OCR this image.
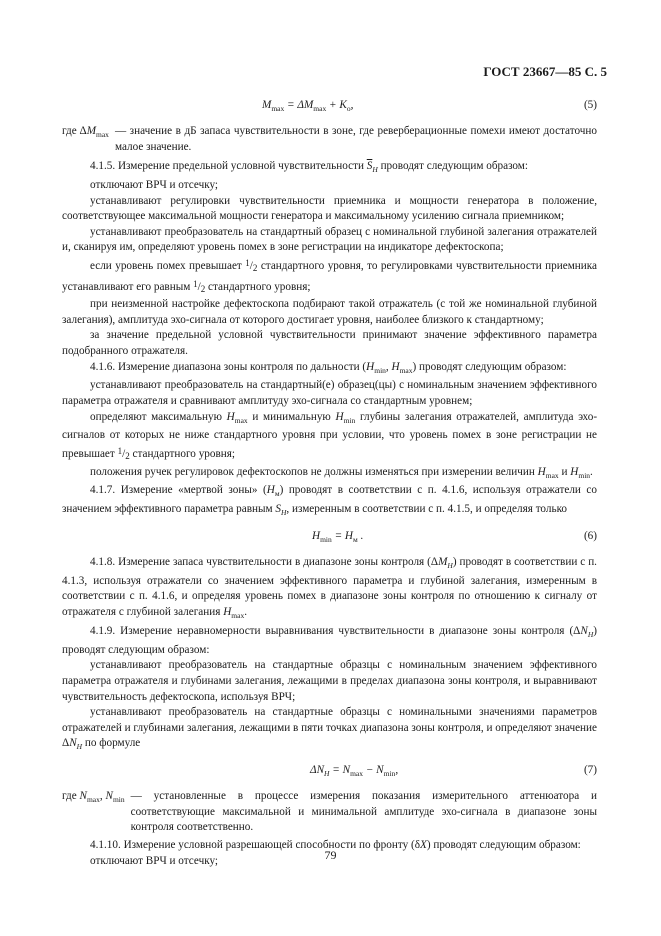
ГОСТ 23667—85 С. 5
$M_{max} = \Delta M_{max} + K_о$,	(5)
где $\Delta M_{max}$ — значение в дБ запаса чувствительности в зоне, где реверберационные помехи имеют достаточно малое значение.

4.1.5. Измерение предельной условной чувствительности $\overline{S}_H$ проводят следующим образом:

отключают ВРЧ и отсечку;

устанавливают регулировки чувствительности приемника и мощности генератора в положение, соответствующее максимальной мощности генератора и максимальному усилению сигнала приемником;

устанавливают преобразователь на стандартный образец с номинальной глубиной залегания отражателей и, сканируя им, определяют уровень помех в зоне регистрации на индикаторе дефектоскопа;

если уровень помех превышает $^1$/2 стандартного уровня, то регулировками чувствительности приемника устанавливают его равным $^1$/2 стандартного уровня;

при неизменной настройке дефектоскопа подбирают такой отражатель (с той же номинальной глубиной залегания), амплитуда эхо-сигнала от которого достигает уровня, наиболее близкого к стандартному;

за значение предельной условной чувствительности принимают значение эффективного параметра подобранного отражателя.

4.1.6. Измерение диапазона зоны контроля по дальности ($H_{min}$, $H_{max}$) проводят следующим образом:

устанавливают преобразователь на стандартный(е) образец(цы) с номинальным значением эффективного параметра отражателя и сравнивают амплитуду эхо-сигнала со стандартным уровнем;

определяют максимальную $H_{max}$ и минимальную $H_{min}$ глубины залегания отражателей, амплитуда эхо-сигналов от которых не ниже стандартного уровня при условии, что уровень помех в зоне регистрации не превышает $^1$/2 стандартного уровня;

положения ручек регулировок дефектоскопов не должны изменяться при измерении величин $H_{max}$ и $H_{min}$.

4.1.7. Измерение «мертвой зоны» $(H_м)$ проводят в соответствии с п. 4.1.6, используя отражатели со значением эффективного параметра равным $S_H$, измеренным в соответствии с п. 4.1.5, и определяя только

$H_{min} = H_м$ .	(6)

4.1.8. Измерение запаса чувствительности в диапазоне зоны контроля $(\Delta M_H)$ проводят в соответствии с п. 4.1.3, используя отражатели со значением эффективного параметра и глубиной залегания, измеренным в соответствии с п. 4.1.6, и определяя уровень помех в диапазоне зоны контроля по отношению к сигналу от отражателя с глубиной залегания $H_{max}$.

4.1.9. Измерение неравномерности выравнивания чувствительности в диапазоне зоны контроля $(\Delta N_H)$ проводят следующим образом:

устанавливают преобразователь на стандартные образцы с номинальным значением эффективного параметра отражателя и глубинами залегания, лежащими в пределах диапазона зоны контроля, и выравнивают чувствительность дефектоскопа, используя ВРЧ;

устанавливают преобразователь на стандартные образцы с номинальными значениями параметров отражателей и глубинами залегания, лежащими в пяти точках диапазона зоны контроля, и определяют значение $\Delta N_H$ по формуле

$\Delta N_H = N_{max} - N_{min}$,	(7)
где $N_{max}$, $N_{min}$ — установленные в процессе измерения показания измерительного аттенюатора и соответствующие максимальной и минимальной амплитуде эхо-сигнала в диапазоне зоны контроля соответственно.

4.1.10. Измерение условной разрешающей способности по фронту (δX) проводят следующим образом:

отключают ВРЧ и отсечку;	79
